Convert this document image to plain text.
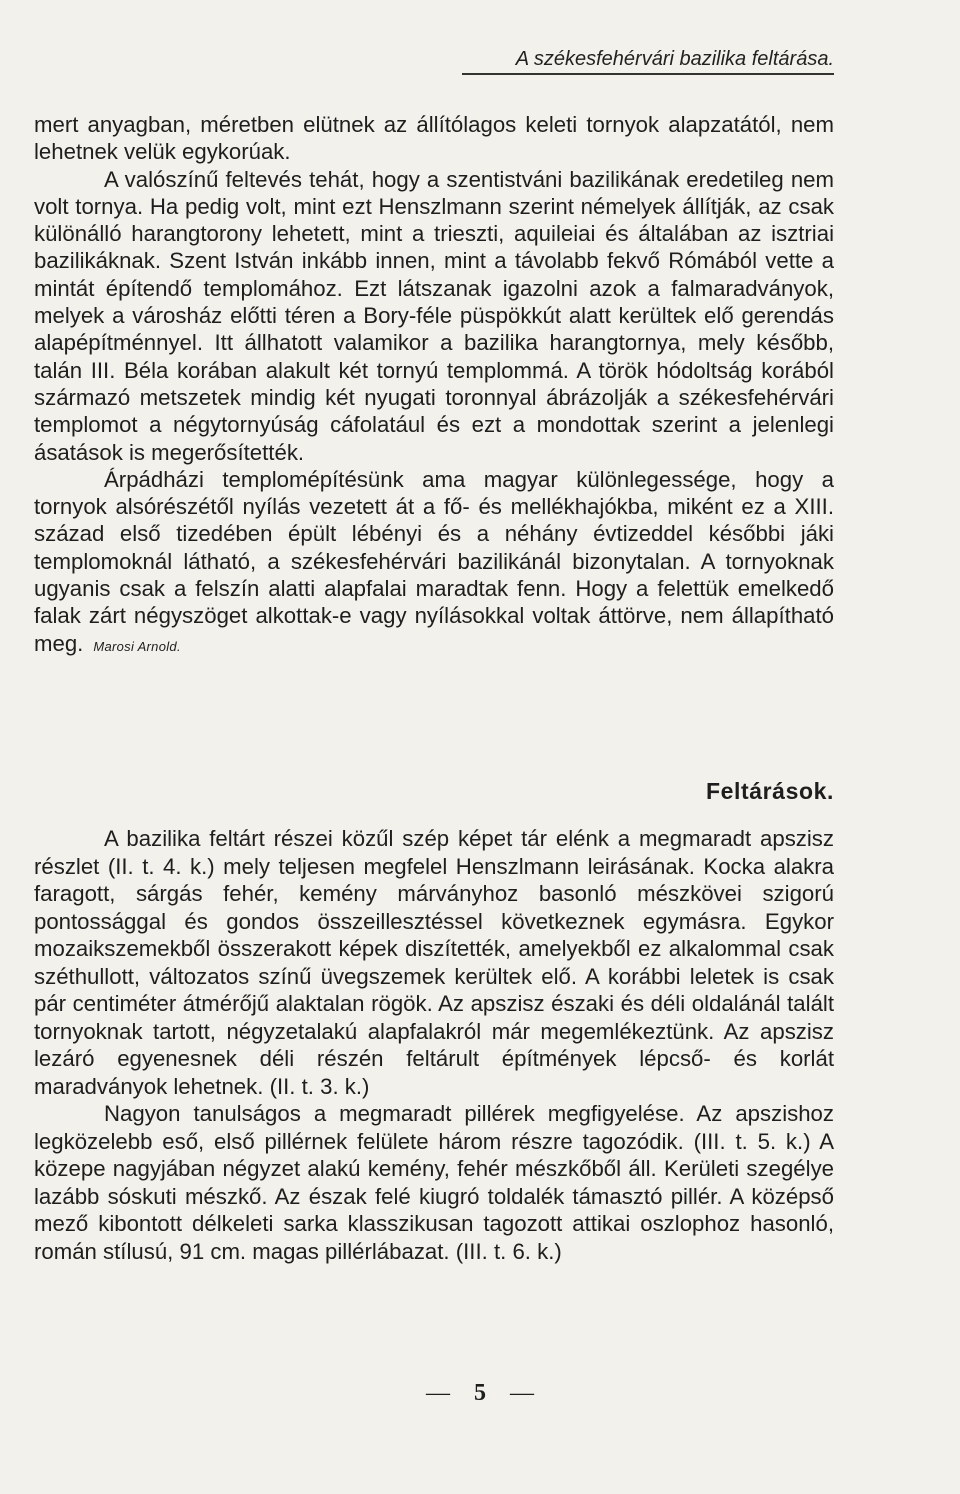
A székesfehérvári bazilika feltárása.

mert anyagban, méretben elütnek az állítólagos keleti tornyok alapzatától, nem lehetnek velük egykorúak.

A valószínű feltevés tehát, hogy a szentistváni bazilikának eredetileg nem volt tornya. Ha pedig volt, mint ezt Henszlmann szerint némelyek állítják, az csak különálló harangtorony lehetett, mint a trieszti, aquileiai és általában az isztriai bazilikáknak. Szent István inkább innen, mint a távolabb fekvő Rómából vette a mintát építendő templomához. Ezt látszanak igazolni azok a falmaradványok, melyek a városház előtti téren a Bory-féle püspökkút alatt kerültek elő gerendás alapépítménnyel. Itt állhatott valamikor a bazilika harangtornya, mely később, talán III. Béla korában alakult két tornyú templommá. A török hódoltság korából származó metszetek mindig két nyugati toronnyal ábrázolják a székesfehérvári templomot a négytornyúság cáfolatául és ezt a mondottak szerint a jelenlegi ásatások is megerősítették.

Árpádházi templomépítésünk ama magyar különlegessége, hogy a tornyok alsórészétől nyílás vezetett át a fő- és mellékhajókba, miként ez a XIII. század első tizedében épült lébényi és a néhány évtizeddel későbbi jáki templomoknál látható, a székesfehérvári bazilikánál bizonytalan. A tornyoknak ugyanis csak a felszín alatti alapfalai maradtak fenn. Hogy a felettük emelkedő falak zárt négyszöget alkottak-e vagy nyílásokkal voltak áttörve, nem állapítható meg. Marosi Arnold.

Feltárások.

A bazilika feltárt részei közűl szép képet tár elénk a megmaradt apszisz részlet (II. t. 4. k.) mely teljesen megfelel Henszlmann leirásának. Kocka alakra faragott, sárgás fehér, kemény márványhoz basonló mészkövei szigorú pontossággal és gondos összeillesztéssel következnek egymásra. Egykor mozaikszemekből összerakott képek diszítették, amelyekből ez alkalommal csak széthullott, változatos színű üvegszemek kerültek elő. A korábbi leletek is csak pár centiméter átmérőjű alaktalan rögök. Az apszisz északi és déli oldalánál talált tornyoknak tartott, négyzetalakú alapfalakról már megemlékeztünk. Az apszisz lezáró egyenesnek déli részén feltárult építmények lépcső- és korlát maradványok lehetnek. (II. t. 3. k.)

Nagyon tanulságos a megmaradt pillérek megfigyelése. Az apszishoz legközelebb eső, első pillérnek felülete három részre tagozódik. (III. t. 5. k.) A közepe nagyjában négyzet alakú kemény, fehér mészkőből áll. Kerületi szegélye lazább sóskuti mészkő. Az észak felé kiugró toldalék támasztó pillér. A középső mező kibontott délkeleti sarka klasszikusan tagozott attikai oszlophoz hasonló, román stílusú, 91 cm. magas pillérlábazat. (III. t. 6. k.)

— 5 —
